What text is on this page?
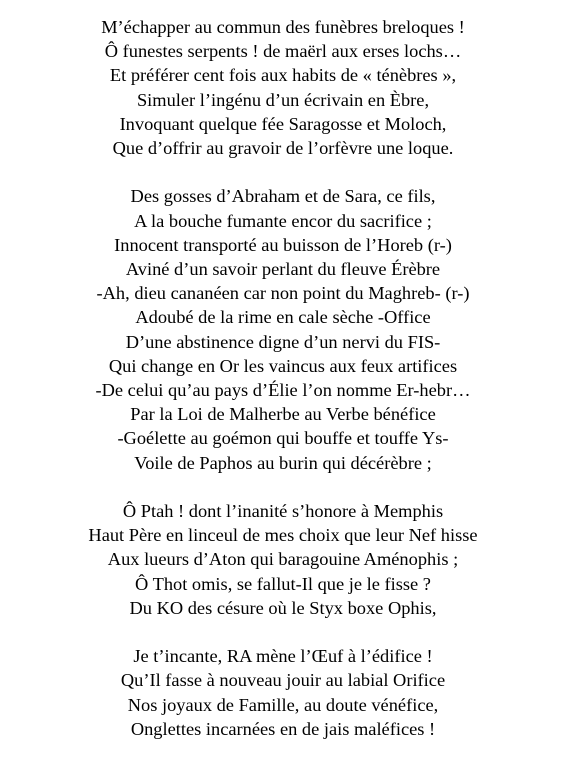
M’échapper au commun des funèbres breloques !
Ô funestes serpents ! de maërl aux erses lochs…
Et préférer cent fois aux habits de « ténèbres »,
Simuler l’ingénu d’un écrivain en Èbre,
Invoquant quelque fée Saragosse et Moloch,
Que d’offrir au gravoir de l’orfèvre une loque.
Des gosses d’Abraham et de Sara, ce fils,
A la bouche fumante encor du sacrifice ;
Innocent transporté au buisson de l’Horeb (r-)
Aviné d’un savoir perlant du fleuve Érèbre
-Ah, dieu cananéen car non point du Maghreb- (r-)
Adoubé de la rime en cale sèche -Office
D’une abstinence digne d’un nervi du FIS-
Qui change en Or les vaincus aux feux artifices
-De celui qu’au pays d’Élie l’on nomme Er-hebr…
Par la Loi de Malherbe au Verbe bénéfice
-Goélette au goémon qui bouffe et touffe Ys-
Voile de Paphos au burin qui décérèbre ;
Ô Ptah ! dont l’inanité s’honore à Memphis
Haut Père en linceul de mes choix que leur Nef hisse
Aux lueurs d’Aton qui baragouine Aménophis ;
Ô Thot omis, se fallut-Il que je le fisse ?
Du KO des césure où le Styx boxe Ophis,
Je t’incante, RA mène l’Œuf à l’édifice !
Qu’Il fasse à nouveau jouir au labial Orifice
Nos joyaux de Famille, au doute vénéfice,
Onglettes incarnées en de jais maléfices !
